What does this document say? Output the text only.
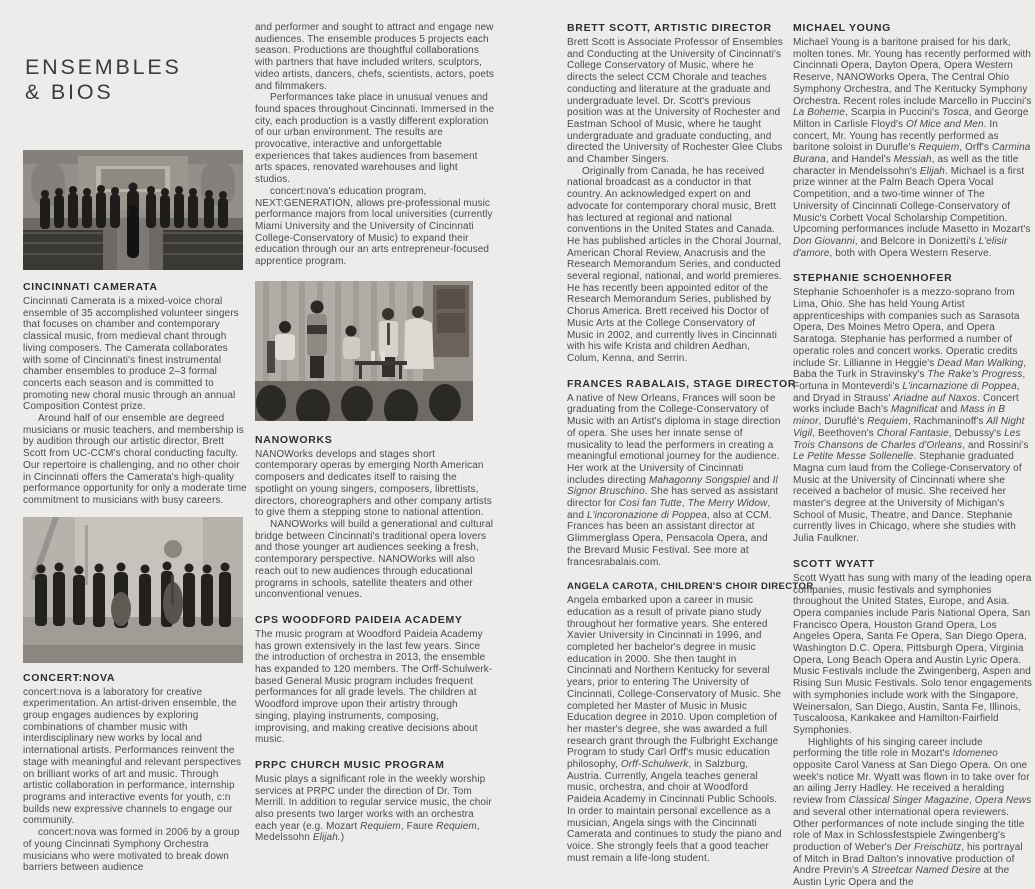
ENSEMBLES
& BIOS
CINCINNATI CAMERATA

Cincinnati Camerata is a mixed-voice choral ensemble of 35 accomplished volunteer singers that focuses on chamber and contemporary classical music, from medieval chant through living composers. The Camerata collaborates with some of Cincinnati's finest instrumental chamber ensembles to produce 2–3 formal concerts each season and is committed to promoting new choral music through an annual Composition Contest prize.

Around half of our ensemble are degreed musicians or music teachers, and membership is by audition through our artistic director, Brett Scott from UC-CCM's choral conducting faculty. Our repertoire is challenging, and no other choir in Cincinnati offers the Camerata's high-quality performance opportunity for only a moderate time commitment to musicians with busy careers.

CONCERT:NOVA

concert:nova is a laboratory for creative experimentation. An artist-driven ensemble, the group engages audiences by exploring combinations of chamber music with interdisciplinary new works by local and international artists. Performances reinvent the stage with meaningful and relevant perspectives on brilliant works of art and music. Through artistic collaboration in performance, internship programs and interactive events for youth, c:n builds new expressive channels to engage our community.

concert:nova was formed in 2006 by a group of young Cincinnati Symphony Orchestra musicians who were motivated to break down barriers between audience

and performer and sought to attract and engage new audiences. The ensemble produces 5 projects each season. Productions are thoughtful collaborations with partners that have included writers, sculptors, video artists, dancers, chefs, scientists, actors, poets and filmmakers.

Performances take place in unusual venues and found spaces throughout Cincinnati. Immersed in the city, each production is a vastly different exploration of our urban environment. The results are provocative, interactive and unforgettable experiences that takes audiences from basement arts spaces, renovated warehouses and light studios.

concert:nova's education program, NEXT:GENERATION, allows pre-professional music performance majors from local universities (currently Miami University and the University of Cincinnati College-Conservatory of Music) to expand their education through our an arts entrepreneur-focused apprentice program.

NANOWORKS

NANOWorks develops and stages short contemporary operas by emerging North American composers and dedicates itself to raising the spotlight on young singers, composers, librettists, directors, choreographers and other company artists to give them a stepping stone to national attention.

NANOWorks will build a generational and cultural bridge between Cincinnati's traditional opera lovers and those younger art audiences seeking a fresh, contemporary perspective. NANOWorks will also reach out to new audiences through educational programs in schools, satellite theaters and other unconventional venues.

CPS WOODFORD PAIDEIA ACADEMY

The music program at Woodford Paideia Academy has grown extensively in the last few years. Since the introduction of orchestra in 2013, the ensemble has expanded to 120 members. The Orff-Schulwerk-based General Music program includes frequent performances for all grade levels. The children at Woodford improve upon their artistry through singing, playing instruments, composing, improvising, and making creative decisions about music.

PRPC CHURCH MUSIC PROGRAM

Music plays a significant role in the weekly worship services at PRPC under the direction of Dr. Tom Merrill. In addition to regular service music, the choir also presents two larger works with an orchestra each year (e.g. Mozart Requiem, Faure Requiem, Medelssohn Elijah.)

BRETT SCOTT, ARTISTIC DIRECTOR

Brett Scott is Associate Professor of Ensembles and Conducting at the University of Cincinnati's College Conservatory of Music, where he directs the select CCM Chorale and teaches conducting and literature at the graduate and undergraduate level. Dr. Scott's previous position was at the University of Rochester and Eastman School of Music, where he taught undergraduate and graduate conducting, and directed the University of Rochester Glee Clubs and Chamber Singers.

Originally from Canada, he has received national broadcast as a conductor in that country. An acknowledged expert on and advocate for contemporary choral music, Brett has lectured at regional and national conventions in the United States and Canada. He has published articles in the Choral Journal, American Choral Review, Anacrusis and the Research Memorandum Series, and conducted several regional, national, and world premieres. He has recently been appointed editor of the Research Memorandum Series, published by Chorus America. Brett received his Doctor of Music Arts at the College Conservatory of Music in 2002, and currently lives in Cincinnati with his wife Krista and children Aedhan, Colum, Kenna, and Serrin.

FRANCES RABALAIS, STAGE DIRECTOR

A native of New Orleans, Frances will soon be graduating from the College-Conservatory of Music with an Artist's diploma in stage direction of opera. She uses her innate sense of musicality to lead the performers in creating a meaningful emotional journey for the audience. Her work at the University of Cincinnati includes directing Mahagonny Songspiel and Il Signor Bruschino. She has served as assistant director for Cosi fan Tutte, The Merry Widow, and L'incoronazione di Poppea, also at CCM. Frances has been an assistant director at Glimmerglass Opera, Pensacola Opera, and the Brevard Music Festival. See more at francesrabalais.com.

ANGELA CAROTA, CHILDREN'S CHOIR DIRECTOR

Angela embarked upon a career in music education as a result of private piano study throughout her formative years. She entered Xavier University in Cincinnati in 1996, and completed her bachelor's degree in music education in 2000. She then taught in Cincinnati and Northern Kentucky for several years, prior to entering The University of Cincinnati, College-Conservatory of Music. She completed her Master of Music in Music Education degree in 2010. Upon completion of her master's degree, she was awarded a full research grant through the Fulbright Exchange Program to study Carl Orff's music education philosophy, Orff-Schulwerk, in Salzburg, Austria. Currently, Angela teaches general music, orchestra, and choir at Woodford Paideia Academy in Cincinnati Public Schools. In order to maintain personal excellence as a musician, Angela sings with the Cincinnati Camerata and continues to study the piano and voice. She strongly feels that a good teacher must remain a life-long student.

MICHAEL YOUNG

Michael Young is a baritone praised for his dark, molten tones. Mr. Young has recently performed with Cincinnati Opera, Dayton Opera, Opera Western Reserve, NANOWorks Opera, The Central Ohio Symphony Orchestra, and The Kentucky Symphony Orchestra. Recent roles include Marcello in Puccini's La Boheme, Scarpia in Puccini's Tosca, and George Milton in Carlisle Floyd's Of Mice and Men. In concert, Mr. Young has recently performed as baritone soloist in Durufle's Requiem, Orff's Carmina Burana, and Handel's Messiah, as well as the title character in Mendelssohn's Elijah. Michael is a first prize winner at the Palm Beach Opera Vocal Competition, and a two-time winner of The University of Cincinnati College-Conservatory of Music's Corbett Vocal Scholarship Competition. Upcoming performances include Masetto in Mozart's Don Giovanni, and Belcore in Donizetti's L'elisir d'amore, both with Opera Western Reserve.

STEPHANIE SCHOENHOFER

Stephanie Schoenhofer is a mezzo-soprano from Lima, Ohio. She has held Young Artist apprenticeships with companies such as Sarasota Opera, Des Moines Metro Opera, and Opera Saratoga. Stephanie has performed a number of operatic roles and concert works. Operatic credits include Sr. Lillianne in Heggie's Dead Man Walking, Baba the Turk in Stravinsky's The Rake's Progress, Fortuna in Monteverdi's L'incarnazione di Poppea, and Dryad in Strauss' Ariadne auf Naxos. Concert works include Bach's Magnificat and Mass in B minor, Duruflé's Requiem, Rachmaninoff's All Night Vigil, Beethoven's Choral Fantasie, Debussy's Les Trois Chansons de Charles d'Orleans, and Rossini's Le Petite Messe Sollenelle. Stephanie graduated Magna cum laud from the College-Conservatory of Music at the University of Cincinnati where she received a bachelor of music. She received her master's degree at the University of Michigan's School of Music, Theatre, and Dance. Stephanie currently lives in Chicago, where she studies with Julia Faulkner.

SCOTT WYATT

Scott Wyatt has sung with many of the leading opera companies, music festivals and symphonies throughout the United States, Europe, and Asia. Opera companies include Paris National Opera, San Francisco Opera, Houston Grand Opera, Los Angeles Opera, Santa Fe Opera, San Diego Opera, Washington D.C. Opera, Pittsburgh Opera, Virginia Opera, Long Beach Opera and Austin Lyric Opera. Music Festivals include the Zwingenberg, Aspen and Rising Sun Music Festivals. Solo tenor engagements with symphonies include work with the Singapore, Weinersalon, San Diego, Austin, Santa Fe, Illinois, Tuscaloosa, Kankakee and Hamilton-Fairfield Symphonies.

Highlights of his singing career include performing the title role in Mozart's Idomeneo opposite Carol Vaness at San Diego Opera. On one week's notice Mr. Wyatt was flown in to take over for an ailing Jerry Hadley. He received a heralding review from Classical Singer Magazine, Opera News and several other international opera reviewers. Other performances of note include singing the title role of Max in Schlossfestspiele Zwingenberg's production of Weber's Der Freischütz, his portrayal of Mitch in Brad Dalton's innovative production of Andre Previn's A Streetcar Named Desire at the Austin Lyric Opera and the
